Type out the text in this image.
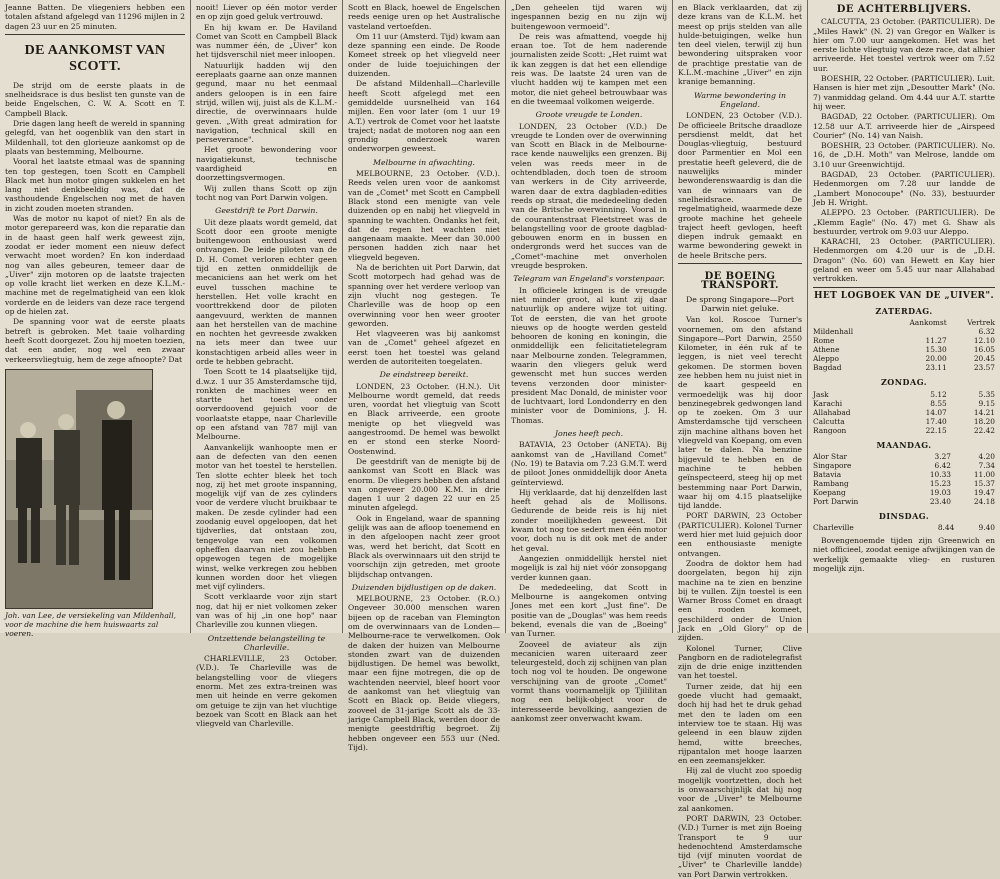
Jeanne Batten. De vliegeniers hebben een totalen afstand afgelegd van 11296 mijlen in 2 dagen 23 uur en 25 minuten.
DE AANKOMST VAN SCOTT.

De strijd om de eerste plaats in de snelheidsrace is dus beslist ten gunste van de beide Engelschen, C. W. A. Scott en T. Campbell Black.

Drie dagen lang heeft de wereld in spanning gelegfd, van het oogenblik van den start in Mildenhall, tot den glorieuze aankomst op de plaats van bestemming, Melbourne.

Vooral het laatste etmaal was de spanning ten top gestegen, toen Scott en Campbell Black met hun motor gingen sukkelen en het lang niet denkbeeldig was, dat de vasthoudende Engelschen nog met de haven in zicht zouden moeten stranden.

Was de motor nu kapot of niet? En als de motor gerepareerd was, kon die reparatie dan in de haast geen half werk geweest zijn, zoodat er ieder moment een nieuw defect verwacht moet worden? En kon inderdaad nog van alles gebeuren, temeer daar de „Uiver" zijn motoren op de laatste trajecten op volle kracht liet werken en deze K.L.M.-machine met de regelmatigheid van een klok vorderde en de leiders van deze race tergend op de hielen zat.

De spanning voor wat de eerste plaats betreft is gebroken. Met taaie volharding heeft Scott doorgezet. Zou hij moeten toezien, dat een ander, nog wel een zwaar verkeersvliegtuig, hem de zege afnoopte? Dat

Joh. van Lee, de versiekeling van Mildenhall, voor de machine die hem huiswaarts zal voeren.

nooit! Liever op één motor verder en op zijn goed geluk vertrouwd.

En hij kwam er. De Haviland Comet van Scott en Campbell Black was nummer één, de „Uiver" kon het tijdsverschil niet meer inloopen.

Natuurlijk hadden wij den eereplaats gaarne aan onze mannen gegund, maar nu het eenmaal anders geloopen is in een faire strijd, willen wij, juist als de K.L.M.-directie, de overwinnaars hulde geven. „With great admiration for navigation, technical skill en perseverance".

Het groote bewondering voor navigatiekunst, technische vaardigheid en doorzettingsvermogen.

Wij zullen thans Scott op zijn tocht nog van Port Darwin volgen.

Geestdrift te Port Darwin.

Uit deze plaats wordt gemeld, dat Scott door een groote menigte buitengewoon enthousiast werd ontvangen. De leide piloten van de D. H. Comet verloren echter geen tijd en zetten onmiddellijk de mecaniciens aan het werk om het euvel tusschen machine te herstellen. Het volle kracht en voorttrekkend door de piloten aangevuurd, werkten de mannen aan het herstellen van de machine en nochten het gevreesde zwakken na iets meer dan twee uur konstachtigen arbeid alles weer in orde te hebben gebracht.

Toen Scott te 14 plaatselijke tijd, d.w.z. 1 uur 35 Amsterdamsche tijd, ronkten de machines weer en startte het toestel onder oorverdoovend gejuich voor de voorlaatste etappe, naar Charleville op een afstand van 787 mijl van Melbourne.

Aanvankelijk wanhoopte men er aan de defecten van den eenen motor van het toestel te herstellen. Ten slotte echter bleek het toch nog, zij het met groote inspanning, mogelijk vijf van de zes cylinders voor de verdere vlucht bruikbaar te maken. De zesde cylinder had een zoodanig euvel opgeloopen, dat het tijdverlies, dat ontstaan zou, tengevolge van een volkomen opheffen daarvan niet zou hebben opgewogen tegen de mogelijke winst, welke verkregen zou hebben kunnen worden door het vliegen met vijf cylinders.

Scott verklaarde voor zijn start nog, dat hij er niet volkomen zeker van was of hij „in one hop" naar Charleville zou kunnen vliegen.

Ontzettende belangstelling te Charleville.

CHARLEVILLE, 23 October. (V.D.). Te Charleville was de belangstelling voor de vliegers enorm. Met zes extra-treinen was men uit heinde en verre gekomen om getuige te zijn van het vluchtige bezoek van Scott en Black aan het vliegveld van Charleville.

Scott en Black, hoewel de Engelschen reeds eenige uren op het Australische vasteland vertoefden.

Om 11 uur (Amsterd. Tijd) kwam aan deze spanning een einde. De Roode Komeet streek op het vliegveld neer onder de luide toejuichingen der duizenden.

De afstand Mildenhall—Charleville heeft Scott afgelegd met een gemiddelde uursnelheid van 164 mijlen. Een voor later (om 1 uur 19 A.T.) vertrok de Comet voor het laatste traject; nadat de motoren nog aan een grondig onderzoek waren onderworpen geweest.

Melbourne in afwachting.

MELBOURNE, 23 October. (V.D.). Reeds velen uren voor de aankomst van de „Comet" met Scott en Campbell Black stond een menigte van vele duizenden op en nabij het vliegveld in spanning te wachten. Ondanks het feit, dat de regen het wachten niet aangenaam maakte. Meer dan 30.000 personen hadden zich naar het vliegveld begeven.

Na de berichten uit Port Darwin, dat Scott motorpech had gehad was de spanning over het verdere verloop van zijn vlucht nog gestegen. Te Charleville was de hoop op een overwinning voor hen weer grooter geworden.

Het vlagveeren was bij aankomst van de „Comet" geheel afgezet en eerst toen het toestel was geland werden de autoriteiten toegelaten.

De eindstreep bereikt.

LONDEN, 23 October. (H.N.). Uit Melbourne wordt gemeld, dat reeds uren, voordat het vliegtuig van Scott en Black arriveerde, een groote menigte op het vliegveld was aangestroomd. De hemel was bewolkt en er stond een sterke Noord-Oostenwind.

De geestdrift van de menigte bij de aankomst van Scott en Black was enorm. De vliegers hebben den afstand van ongeveer 20.000 K.M. in drie dagen 1 uur 2 dagen 22 uur en 25 minuten afgelegd.

Ook in Engeland, waar de spanning gelijk was aan de afloop toenemend en in den afgeloopen nacht zeer groot was, werd het bericht, dat Scott en Black als overwinnaars uit den strijd te voorschijn zijn getreden, met groote blijdschap ontvangen.

Duizenden bijdlustigen op de daken.

MELBOURNE, 23 October. (R.O.) Ongeveer 30.000 menschen waren bijeen op de raceban van Flemington om de overwinnaars van de Londen—Melbourne-race te verwelkomen. Ook de daken der huizen van Melbourne stonden zwart van de duizenden bijdlustigen. De hemel was bewolkt, maar een fijne motregen, die op de wachtenden neerviel, bleef hoort voor de aankomst van het vliegtuig van Scott en Black op. Beide vliegers, zooveel de 31-jarige Scott als de 33-jarige Campbell Black, werden door de menigte geestdriftig begroet. Zij hebben ongeveer een 553 uur (Ned. Tijd).

„Den geheelen tijd waren wij ingespannen bezig en nu zijn wij buitengewoon vermoeid".

De reis was afmattend, voegde hij eraan toe. Tot de hem naderende journalisten zeide Scott: „Het ruimt wat ik kan zeggen is dat het een ellendige reis was. De laatste 24 uren van de vlucht hadden wij te kampen met een motor, die niet geheel betrouwbaar was en die tweemaal volkomen weigerde.

Groote vreugde te Londen.

LONDEN, 23 October (V.D.) De vreugde te Londen over de overwinning van Scott en Black in de Melbourne-race kende nauwelijks een grenzen. Bij velen was reeds meer in de ochtendbladen, doch toen de stroom van werkers in de City arriveerde, waren daar de extra dagbladen-edities reeds op straat, die mededeeling deden van de Britsche overwinning. Vooral in de courantenstraat Fleetstreet was de belangstelling voor de groote dagblad-gebouwen enorm en in bussen en ondergronds werd het succes van de „Comet"-machine met onverholen vreugde besproken.

Telegram van Engeland's vorstenpaar.

In officieele kringen is de vreugde niet minder groot, al kunt zij daar natuurlijk op andere wijze tot uiting. Tot de eersten, die van het groote nieuws op de hoogte werden gesteld behooren de koning en koningin, die onmiddellijk een felicitatietelegram naar Melbourne zonden. Telegrammen, waarin den vliegers geluk werd gewenscht met hun succes werden tevens verzonden door minister-president Mac Donald, de minister voor de luchtvaart, lord Londonderry en den minister voor de Dominions, J. H. Thomas.

Jones heeft pech.

BATAVIA, 23 October (ANETA). Bij aankomst van de „Havilland Comet" (No. 19) te Batavia om 7.23 G.M.T. werd de piloot Jones onmiddellijk door Aneta geïnterviewd.

Hij verklaarde, dat hij denzelfden last heeft gehad als de Mollisons. Gedurende de beide reis is hij niet zonder moeilijkheden geweest. Dit kwam tot nog toe sedert men één motor voor, doch nu is dit ook met de ander het geval.

Aangezien onmiddellijk herstel niet mogelijk is zal hij niet vóór zonsopgang verder kunnen gaan.

De mededeeling, dat Scott in Melbourne is aangekomen ontving Jones met een kort „Just fine". De positie van de „Douglas" was hem reeds bekend, evenals die van de „Boeing" van Turner.

Zooveel de aviateur als zijn mecanicien waren uiteraard zeer teleurgesteld, doch zij schijnen van plan toch nog vol te houden. De ongewone verschijning van de groote „Comet" vormt thans voornamelijk op Tjililitan nog een belijk-object voor de interesseerde bevolking, aangezien de aankomst zeer onverwacht kwam.

en Black verklaarden, dat zij deze krans van de K.L.M. het meest op prijs stelden van alle hulde-betuigingen, welke hun ten deel vielen, terwijl zij hun bewondering uitspraken voor de prachtige prestatie van de K.L.M.-machine „Uiver" en zijn kranige bemanning.

Warme bewondering in Engeland.

LONDEN, 23 October (V.D.). De officieele Britsche draadloze persdienst meldt, dat het Douglas-vliegtuig, bestuurd door Parmentier en Mol een prestatie heeft geleverd, die de nauwelijks minder bewonderenswaardig is dan die van de winnaars van de snelheidsrace. De regelmatigheid, waarmede deze groote machine het geheele traject heeft gevlogen, heeft diepen indruk gemaakt en warme bewondering gewekt in de heele Britsche pers.

DE BOEING TRANSPORT.
De sprong Singapore—Port Darwin niet geluke.

Van kol. Roscoe Turner's voornemen, om den afstand Singapore—Port Darwin, 2550 Kilometer, in één ruk af te leggen, is niet veel terecht gekomen. De stormen boven zee hebben hem nu juist niet in de kaart gespeeld en vermoedelijk was hij door benzinegebrek gedwongen land op te zoeken. Om 3 uur Amsterdamsche tijd verscheen zijn machine althans boven het vliegveld van Koepang, om even later te dalen. Na benzine bijgevuld te hebben en de machine te hebben geïnspecteerd, steeg hij op met bestemming naar Port Darwin, waar hij om 4.15 plaatselijke tijd landde.

PORT DARWIN, 23 October (PARTICULIER). Kolonel Turner werd hier met luid gejuich door een enthousiaste menigte ontvangen.

Zoodra de doktor hem had doorgelaten, begon hij zijn machine na te zien en benzine bij te vullen. Zijn toestel is een Warner Bross Comet en draagt een rooden komeet, geschilderd onder de Union Jack en „Old Glory" op de zijden.

Kolonel Turner, Clive Pangborn en de radiotelegrafist zijn de drie enige inzittenden van het toestel.

Turner zeide, dat hij een goede vlucht had gemaakt, doch hij had het te druk gehad met den te laden om een interview toe te staan. Hij was geleend in een blauw zijden hemd, witte breeches, rijpantalon met hooge laarzen en een zeemansjekker.

Hij zal de vlucht zoo spoedig mogelijk voortzetten, doch het is onwaarschijnlijk dat hij nog voor de „Uiver" te Melbourne zal aankomen.

PORT DARWIN, 23 October. (V.D.) Turner is met zijn Boeing Transport te 9 uur hedenochtend Amsterdamsche tijd (vijf minuten voordat de „Uiver" te Charleville landde) van Port Darwin vertrokken.

DE ACHTERBLIJVERS.

CALCUTTA, 23 October. (PARTICULIER). De „Miles Hawk" (N. 2) van Gregor en Walker is hier om 7.00 uur aangekomen. Het was het eerste lichte vliegtuig van deze race, dat alhier arriveerde. Het toestel vertrok weer om 7.52 uur.

BOESHIR, 22 October. (PARTICULIER). Luit. Hansen is hier met zijn „Desoutter Mark" (No. 7) vanmiddag geland. Om 4.44 uur A.T. startte hij weer.

BAGDAD, 22 October. (PARTICULIER). Om 12.58 uur A.T. arriveerde hier de „Airspeed Courier" (No. 14) van Naish.

BOESHIR, 23 October. (PARTICULIER). No. 16, de „D.H. Moth" van Melrose, landde om 3.10 uur Greenwichtijd.

BAGDAD, 23 October. (PARTICULIER). Hedenmorgen om 7.28 uur landde de „Lambert Monocoupe" (No. 33), bestuurder Jeb H. Wright.

ALEPPO. 23 October. (PARTICULIER). De „Klemm Eagle" (No. 47) met G. Shaw als bestuurder, vertrok om 9.03 uur Aleppo.

KARACHI, 23 October. (PARTICULIER). Hedenmorgen om 4.20 uur is de „D.H. Dragon" (No. 60) van Hewett en Kay hier geland en weer om 5.45 uur naar Allahabad vertrokken.

HET LOGBOEK VAN DE „UIVER".
ZATERDAG.
	Aankomst	Vertrek
Mildenhall		6.32
Rome	11.27	12.10
Athene	15.30	16.05
Aleppo	20.00	20.45
Bagdad	23.11	23.57
ZONDAG.
Jask	5.12	5.35
Karachi	8.55	9.15
Allahabad	14.07	14.21
Calcutta	17.40	18.20
Rangoon	22.15	22.42
MAANDAG.
Alor Star	3.27	4.20
Singapore	6.42	7.34
Batavia	10.33	11.00
Rambang	15.23	15.37
Koepang	19.03	19.47
Port Darwin	23.40	24.18
DINSDAG.
Charleville	8.44	9.40

Bovengenoemde tijden zijn Greenwich en niet officieel, zoodat eenige afwijkingen van de werkelijk gemaakte vlieg- en rusturen mogelijk zijn.
